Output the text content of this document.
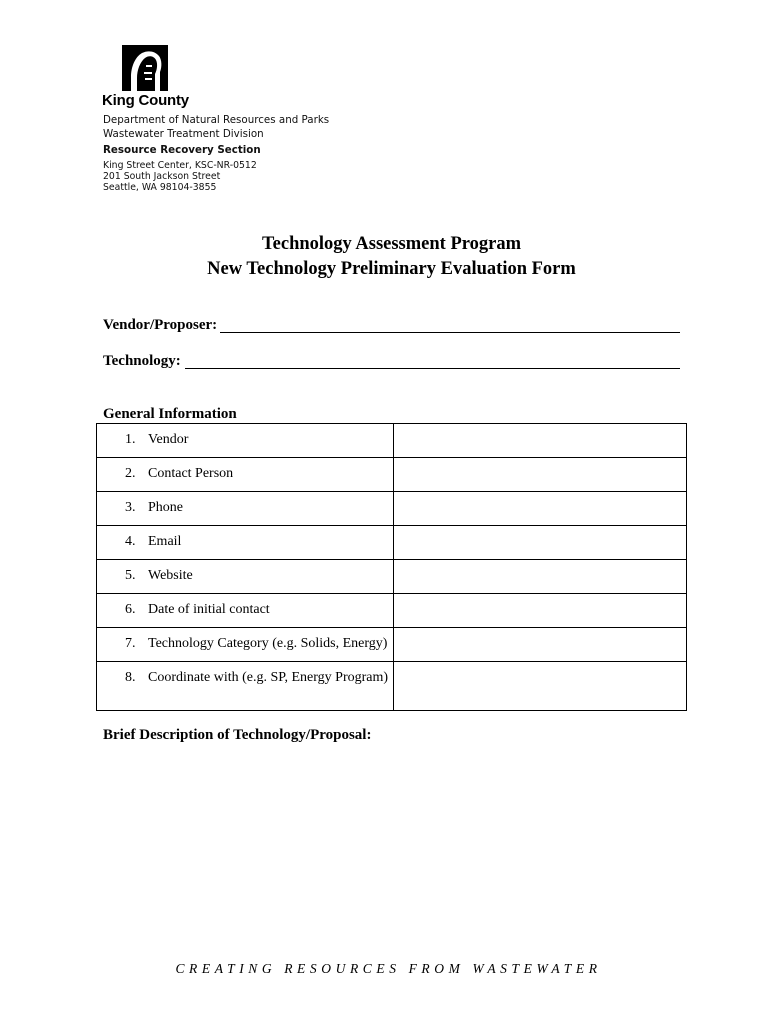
King County
Department of Natural Resources and Parks
Wastewater Treatment Division
Resource Recovery Section
King Street Center, KSC-NR-0512
201 South Jackson Street
Seattle, WA 98104-3855
Technology Assessment Program
New Technology Preliminary Evaluation Form
Vendor/Proposer:
Technology:
General Information
1. Vendor	

2. Contact Person	

3. Phone	

4. Email	

5. Website	

6. Date of initial contact	

7. Technology Category (e.g. Solids, Energy)	

8. Coordinate with (e.g. SP, Energy Program)	

Brief Description of Technology/Proposal:
CREATING RESOURCES FROM WASTEWATER
